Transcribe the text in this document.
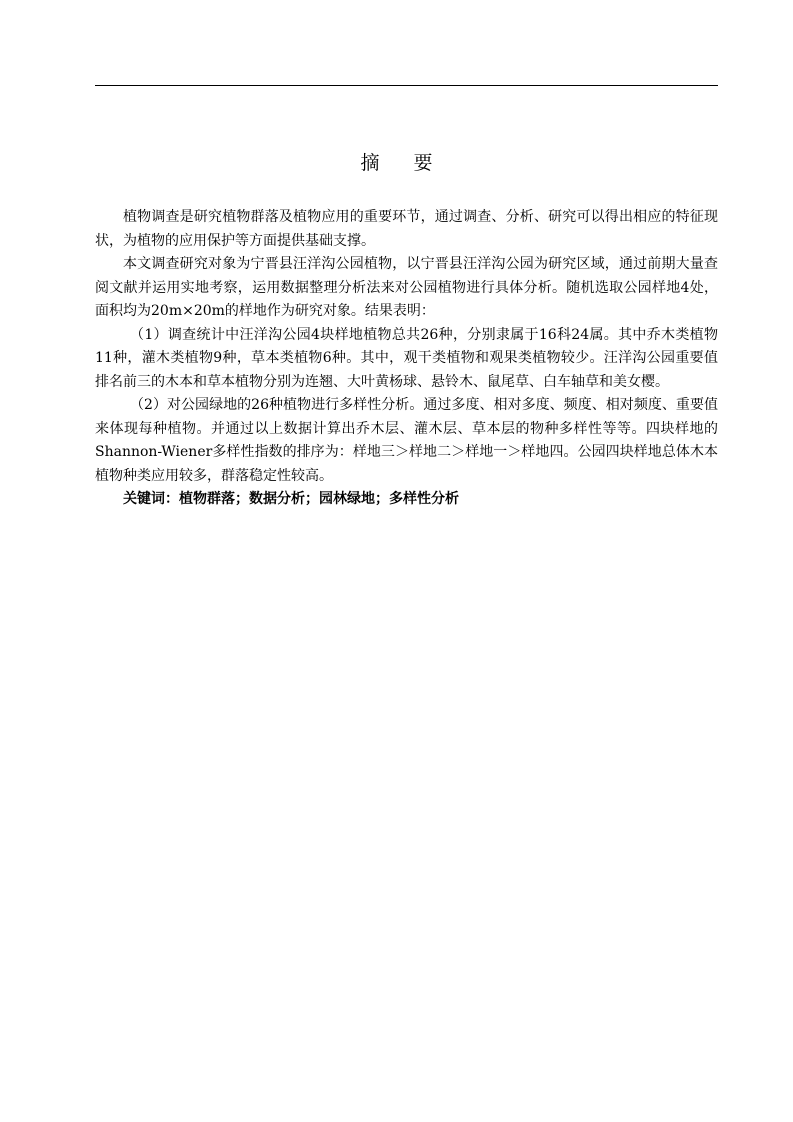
摘 要

植物调查是研究植物群落及植物应用的重要环节，通过调查、分析、研究可以得出相应的特征现状，为植物的应用保护等方面提供基础支撑。

本文调查研究对象为宁晋县汪洋沟公园植物，以宁晋县汪洋沟公园为研究区域，通过前期大量查阅文献并运用实地考察，运用数据整理分析法来对公园植物进行具体分析。随机选取公园样地4处，面积均为20m×20m的样地作为研究对象。结果表明：

（1）调查统计中汪洋沟公园4块样地植物总共26种，分别隶属于16科24属。其中乔木类植物11种，灌木类植物9种，草本类植物6种。其中，观干类植物和观果类植物较少。汪洋沟公园重要值排名前三的木本和草本植物分别为连翘、大叶黄杨球、悬铃木、鼠尾草、白车轴草和美女樱。

（2）对公园绿地的26种植物进行多样性分析。通过多度、相对多度、频度、相对频度、重要值来体现每种植物。并通过以上数据计算出乔木层、灌木层、草本层的物种多样性等等。四块样地的Shannon-Wiener多样性指数的排序为：样地三＞样地二＞样地一＞样地四。公园四块样地总体木本植物种类应用较多，群落稳定性较高。

关键词：植物群落；数据分析；园林绿地；多样性分析
